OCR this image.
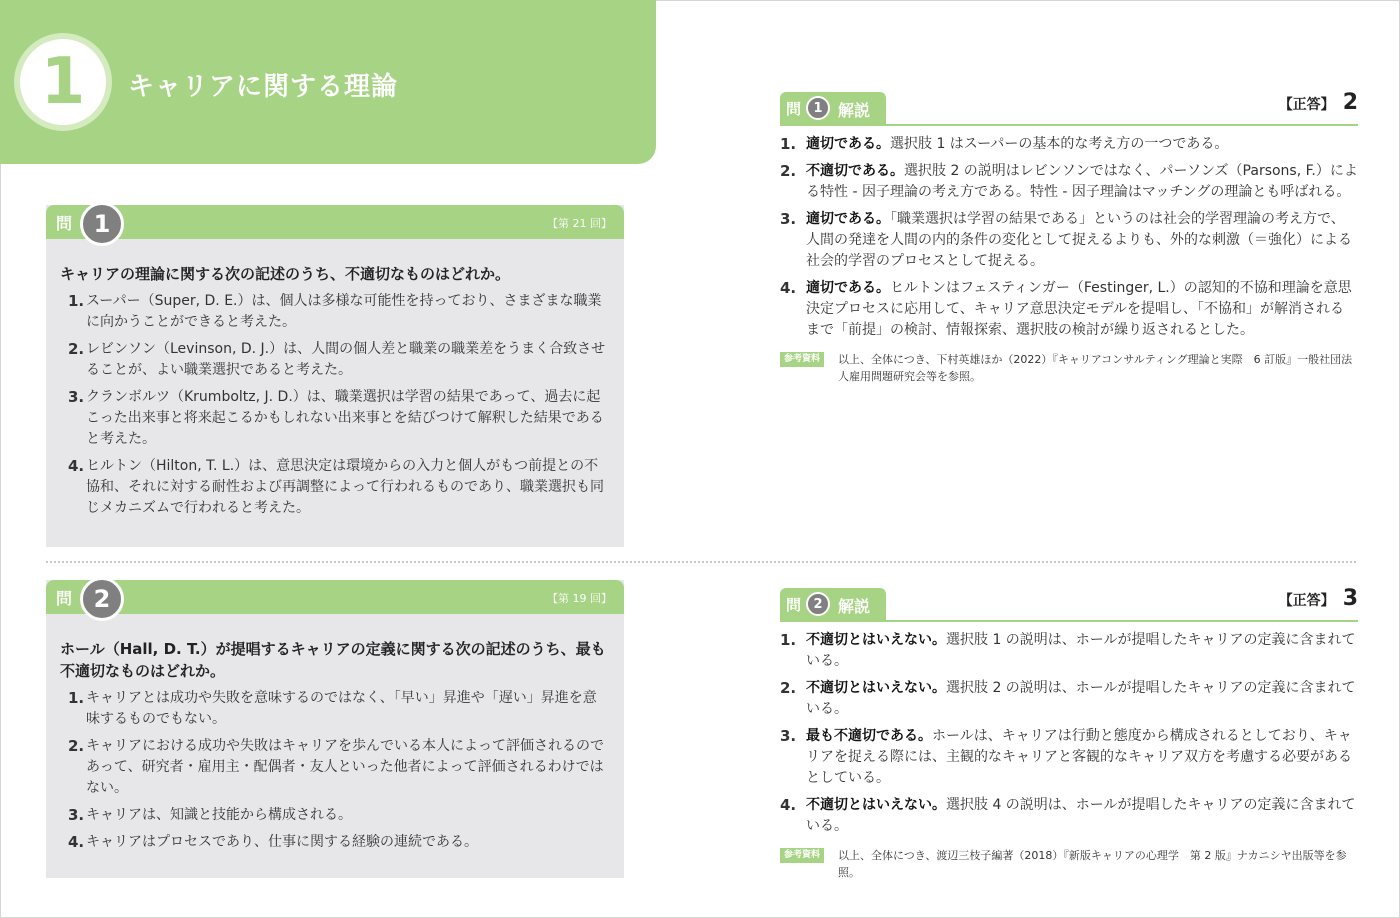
1 キャリアに関する理論
問 1	【第 21 回】

キャリアの理論に関する次の記述のうち、不適切なものはどれか。

1. スーパー（Super, D. E.）は、個人は多様な可能性を持っており、さまざまな職業に向かうことができると考えた。
2. レビンソン（Levinson, D. J.）は、人間の個人差と職業の職業差をうまく合致させることが、よい職業選択であると考えた。
3. クランボルツ（Krumboltz, J. D.）は、職業選択は学習の結果であって、過去に起こった出来事と将来起こるかもしれない出来事とを結びつけて解釈した結果であると考えた。
4. ヒルトン（Hilton, T. L.）は、意思決定は環境からの入力と個人がもつ前提との不協和、それに対する耐性および再調整によって行われるものであり、職業選択も同じメカニズムで行われると考えた。
問 2	【第 19 回】

ホール（Hall, D. T.）が提唱するキャリアの定義に関する次の記述のうち、最も不適切なものはどれか。

1. キャリアとは成功や失敗を意味するのではなく、「早い」昇進や「遅い」昇進を意味するものでもない。
2. キャリアにおける成功や失敗はキャリアを歩んでいる本人によって評価されるのであって、研究者・雇用主・配偶者・友人といった他者によって評価されるわけではない。
3. キャリアは、知識と技能から構成される。
4. キャリアはプロセスであり、仕事に関する経験の連続である。
問 1 解説	【正答】 2
1. 適切である。選択肢 1 はスーパーの基本的な考え方の一つである。
2. 不適切である。選択肢 2 の説明はレビンソンではなく、パーソンズ（Parsons, F.）による特性 - 因子理論の考え方である。特性 - 因子理論はマッチングの理論とも呼ばれる。
3. 適切である。「職業選択は学習の結果である」というのは社会的学習理論の考え方で、人間の発達を人間の内的条件の変化として捉えるよりも、外的な刺激（＝強化）による社会的学習のプロセスとして捉える。
4. 適切である。ヒルトンはフェスティンガー（Festinger, L.）の認知的不協和理論を意思決定プロセスに応用して、キャリア意思決定モデルを提唱し、「不協和」が解消されるまで「前提」の検討、情報探索、選択肢の検討が繰り返されるとした。
参考資料	以上、全体につき、下村英雄ほか（2022）『キャリアコンサルティング理論と実際　6 訂版』一般社団法人雇用問題研究会等を参照。
問 2 解説	【正答】 3
1. 不適切とはいえない。選択肢 1 の説明は、ホールが提唱したキャリアの定義に含まれている。
2. 不適切とはいえない。選択肢 2 の説明は、ホールが提唱したキャリアの定義に含まれている。
3. 最も不適切である。ホールは、キャリアは行動と態度から構成されるとしており、キャリアを捉える際には、主観的なキャリアと客観的なキャリア双方を考慮する必要があるとしている。
4. 不適切とはいえない。選択肢 4 の説明は、ホールが提唱したキャリアの定義に含まれている。
参考資料	以上、全体につき、渡辺三枝子編著（2018）『新版キャリアの心理学　第 2 版』ナカニシヤ出版等を参照。
